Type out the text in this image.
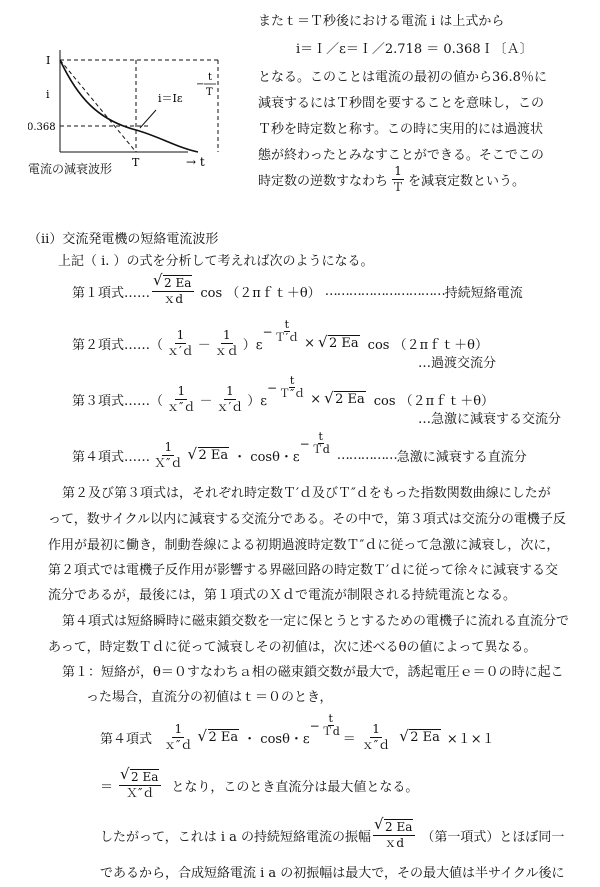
I
i
0.368
T	→ t
i＝Iε
t
−
T
電流の減衰波形
またｔ＝Ｔ秒後における電流 i は上式から
i＝Ｉ／ε＝Ｉ／2.718 ＝ 0.368Ｉ〔Ａ〕
となる。このことは電流の最初の値から36.8％に
減衰するにはＴ秒間を要することを意味し，この
Ｔ秒を時定数と称す。この時に実用的には過渡状
態が終わったとみなすことができる。そこでこの
時定数の逆数すなわち $\frac{1}{\text{Ｔ}}$ を減衰定数という。
（ii）交流発電機の短絡電流波形
上記（ i. ）の式を分析して考えれば次のようになる。
第１項式…… √ $\frac{2 Ea}{\text{ｘd}}$ cos （２πｆｔ＋θ） ………………………… 持続短絡電流
第２項式…… （ $\frac{1}{\text{ｘ′ｄ}} - \frac{1}{\text{ｘｄ}} )\varepsilon$
− $\frac{t}{\text{Ｔ′ｄ}}$ ×	√ 2 Ea cos （２πｆｔ＋θ）
…過渡交流分
第３項式…… （ $\frac{1}{\text{ｘ″ｄ}} - \frac{1}{\text{ｘ′ｄ}} )\varepsilon$
− $\frac{t}{\text{Ｔ″ｄ}}$ ×	√ 2 Ea cos （２πｆｔ＋θ）
…急激に減衰する交流分
第４項式…… $\frac{1}{\text{Ｘ″ｄ}}$	√ 2 Ea ・ cosθ・ε
− $\frac{t}{\text{Ｔd}}$ …………… 急激に減衰する直流分
第２及び第３項式は，それぞれ時定数Ｔ′ｄ及びＴ″ｄをもった指数関数曲線にしたが
って，数サイクル以内に減衰する交流分である。その中で，第３項式は交流分の電機子反
作用が最初に働き，制動巻線による初期過渡時定数Ｔ″ｄに従って急激に減衰し，次に，
第２項式では電機子反作用が影響する界磁回路の時定数Ｔ′ｄに従って徐々に減衰する交
流分であるが，最後には，第１項式のＸｄで電流が制限される持続電流となる。
第４項式は短絡瞬時に磁束鎖交数を一定に保とうとするための電機子に流れる直流分で
あって，時定数Ｔｄに従って減衰しその初値は，次に述べるθの値によって異なる。
第１：短絡が，θ＝０すなわちａ相の磁束鎖交数が最大で，誘起電圧ｅ＝０の時に起こ
った場合，直流分の初値はｔ＝０のとき，
第４項式 $\frac{1}{\text{ｘ″ｄ}}$	√ 2 Ea ・ cosθ・ε
− $\frac{t}{\text{Ｔd}}$
＝ $\frac{1}{\text{ｘ″ｄ}}$	√ 2 Ea ×１×１
＝ √ $\frac{2 Ea}{\text{Ｘ″ｄ}}$ となり，このとき直流分は最大値となる。
したがって，これは i a の持続短絡電流の振幅 √ $\frac{2 Ea}{\text{ｘd}}$ （第一項式）とほぼ同一
であるから，合成短絡電流 i a の初振幅は最大で，その最大値は半サイクル後に
